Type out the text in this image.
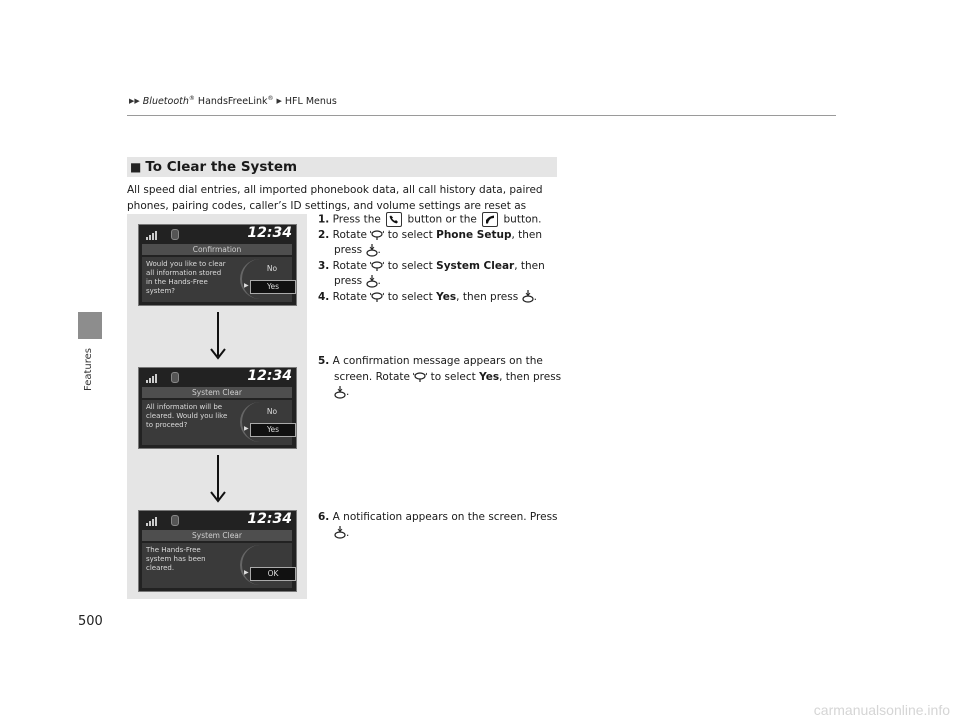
▶▶ Bluetooth® HandsFreeLink® ▶ HFL Menus
Features
500
■ To Clear the System
All speed dial entries, all imported phonebook data, all call history data, paired phones, pairing codes, caller’s ID settings, and volume settings are reset as
12:34
Confirmation
Would you like to clear
all information stored
in the Hands-Free
system?
No
▶	Yes
12:34
System Clear
All information will be
cleared. Would you like
to proceed?
No
▶	Yes
12:34
System Clear
The Hands-Free
system has been
cleared.
▶	OK
1. Press the	button or the	button.
2. Rotate to select Phone Setup, then
press .
3. Rotate to select System Clear, then
press .
4. Rotate to select Yes, then press .
5. A confirmation message appears on the
screen. Rotate to select Yes, then press
.
6. A notification appears on the screen. Press
.
carmanualsonline.info
